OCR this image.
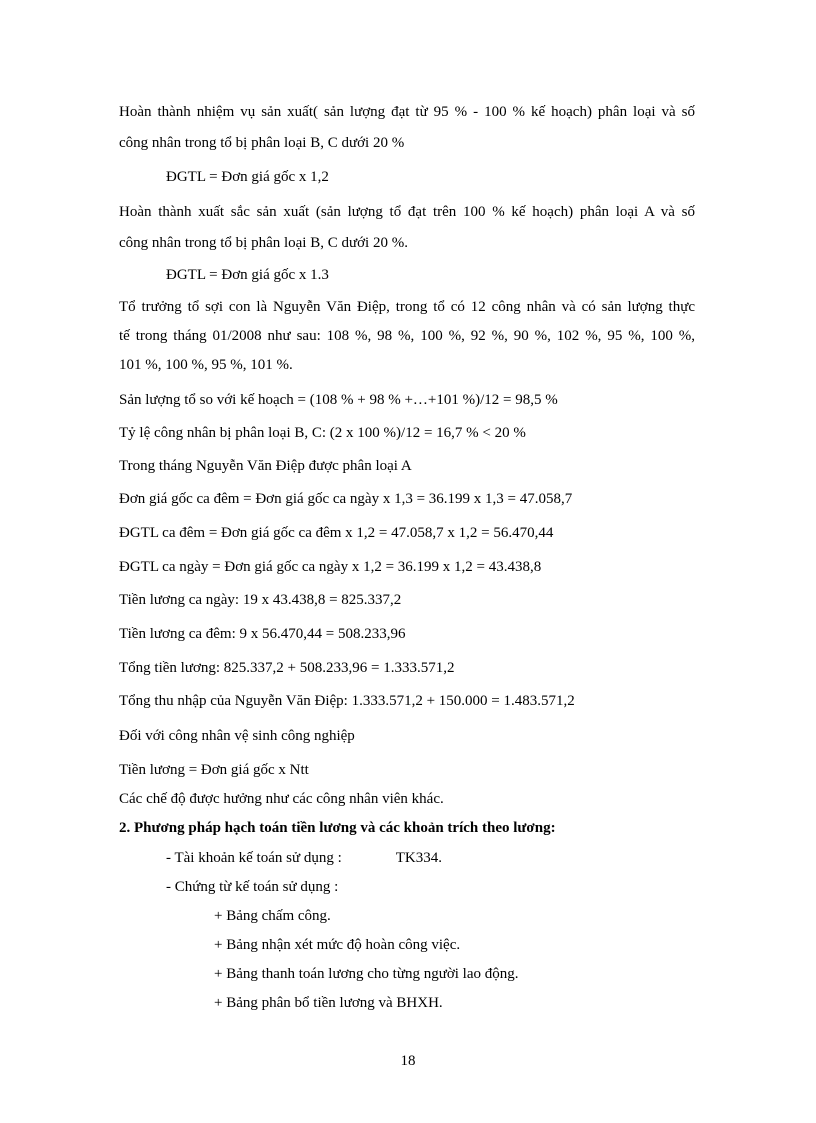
Hoàn thành nhiệm vụ sản xuất( sản lượng đạt từ 95 % - 100 % kế hoạch) phân loại và số
công nhân trong tổ bị phân loại B, C dưới 20 %
ĐGTL = Đơn giá gốc x 1,2
Hoàn thành xuất sắc sản xuất (sản lượng tổ đạt trên 100 % kế hoạch) phân loại A và số
công nhân trong tổ bị phân loại B, C dưới 20 %.
ĐGTL = Đơn giá gốc x 1.3
Tổ trưởng tổ sợi con là Nguyễn Văn Điệp, trong tổ có 12 công nhân và có sản lượng thực
tế trong tháng 01/2008 như sau: 108 %, 98 %, 100 %, 92 %, 90 %, 102 %, 95 %, 100 %,
101 %, 100 %, 95 %, 101 %.
Sản lượng tổ so với kế hoạch = (108 % + 98 % +…+101 %)/12 = 98,5 %
Tỷ lệ công nhân bị phân loại B, C: (2 x 100 %)/12 = 16,7 % < 20 %
Trong tháng Nguyễn Văn Điệp được phân loại A
Đơn giá gốc ca đêm = Đơn giá gốc ca ngày x 1,3 = 36.199 x 1,3 = 47.058,7
ĐGTL ca đêm = Đơn giá gốc ca đêm x 1,2 = 47.058,7 x 1,2 = 56.470,44
ĐGTL ca ngày = Đơn giá gốc ca ngày x 1,2 = 36.199 x 1,2 = 43.438,8
Tiền lương ca ngày: 19 x 43.438,8 = 825.337,2
Tiền lương ca đêm: 9 x 56.470,44 = 508.233,96
Tổng tiền lương: 825.337,2 + 508.233,96 = 1.333.571,2
Tổng thu nhập của Nguyễn Văn Điệp: 1.333.571,2 + 150.000 = 1.483.571,2
Đối với công nhân vệ sinh công nghiệp
Tiền lương = Đơn giá gốc x Ntt
Các chế độ được hưởng như các công nhân viên khác.
2. Phương pháp hạch toán tiền lương và các khoản trích theo lương:
- Tài khoản kế toán sử dụng :	TK334.
- Chứng từ kế toán sử dụng :
+ Bảng chấm công.
+ Bảng nhận xét mức độ hoàn công việc.
+ Bảng thanh toán lương cho từng người lao động.
+ Bảng phân bổ tiền lương và BHXH.
18
